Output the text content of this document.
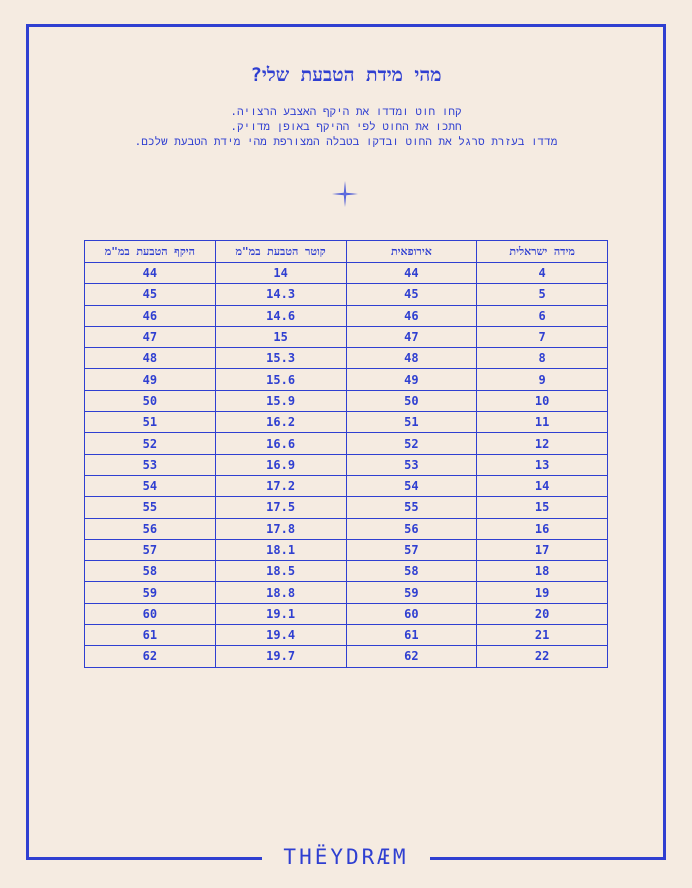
מהי מידת הטבעת שלי?
קחו חוט ומדדו את היקף האצבע הרצויה.
חתכו את החוט לפי ההיקף באופן מדויק.
מדדו בעזרת סרגל את החוט ובדקו בטבלה המצורפת מהי מידת הטבעת שלכם.
מידה ישראלית	אירופאית	קוטר הטבעת במ"מ	היקף הטבעת במ"מ
4	44	14	44
5	45	14.3	45
6	46	14.6	46
7	47	15	47
8	48	15.3	48
9	49	15.6	49
10	50	15.9	50
11	51	16.2	51
12	52	16.6	52
13	53	16.9	53
14	54	17.2	54
15	55	17.5	55
16	56	17.8	56
17	57	18.1	57
18	58	18.5	58
19	59	18.8	59
20	60	19.1	60
21	61	19.4	61
22	62	19.7	62
THËYDRÆM
